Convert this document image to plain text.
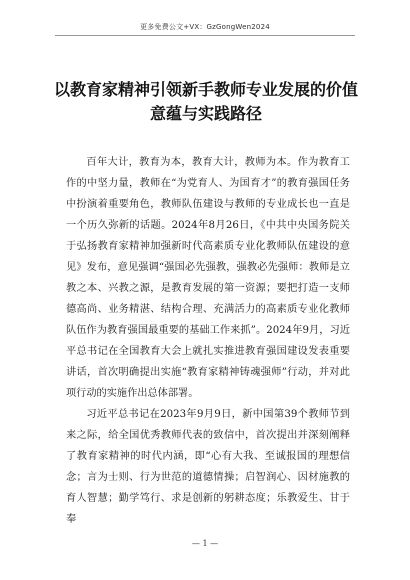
更多免费公文+VX：GzGongWen2024
以教育家精神引领新手教师专业发展的价值意蕴与实践路径

百年大计，教育为本，教育大计，教师为本。作为教育工作的中坚力量，教师在“为党育人、为国育才”的教育强国任务中扮演着重要角色，教师队伍建设与教师的专业成长也一直是一个历久弥新的话题。2024年8月26日，《中共中央国务院关于弘扬教育家精神加强新时代高素质专业化教师队伍建设的意见》发布，意见强调“强国必先强教，强教必先强师：教师是立教之本、兴教之源，是教育发展的第一资源；要把打造一支师德高尚、业务精湛、结构合理、充满活力的高素质专业化教师队伍作为教育强国最重要的基础工作来抓”。2024年9月，习近平总书记在全国教育大会上就扎实推进教育强国建设发表重要讲话，首次明确提出实施“教育家精神铸魂强师”行动，并对此项行动的实施作出总体部署。

习近平总书记在2023年9月9日，新中国第39个教师节到来之际，给全国优秀教师代表的致信中，首次提出并深刻阐释了教育家精神的时代内涵，即“心有大我、至诚报国的理想信念；言为士则、行为世范的道德情操；启智润心、因材施教的育人智慧；勤学笃行、求是创新的躬耕态度；乐教爱生、甘于奉

— 1 —
